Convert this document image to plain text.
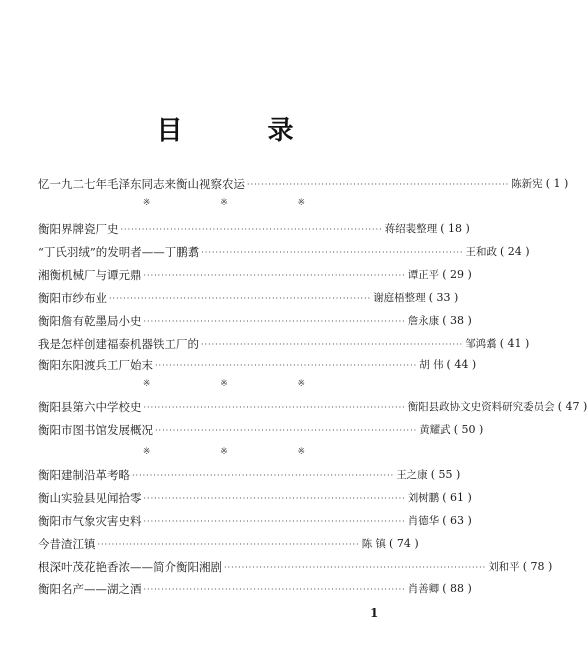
目 录
※	※	※
※	※	※
※	※	※
忆一九二七年毛泽东同志来衡山视察农运 ·········································································· 陈新宪 ( 1 )
衡阳界牌瓷厂史 ·········································································· 蒋绍裴整理 ( 18 )
“丁氏羽绒”的发明者——丁鹏翥 ·········································································· 王和政 ( 24 )
湘衡机械厂与谭元鼎 ·········································································· 谭正平 ( 29 )
衡阳市纱布业 ·········································································· 谢庭梧整理 ( 33 )
衡阳詹有乾墨局小史 ·········································································· 詹永康 ( 38 )
我是怎样创建福泰机器铁工厂的 ·········································································· 邹鸿翥 ( 41 )
衡阳东阳渡兵工厂始末 ·········································································· 胡 伟 ( 44 )
衡阳县第六中学校史 ·········································································· 衡阳县政协文史资料研究委员会 ( 47 )
衡阳市图书馆发展概况 ·········································································· 黄耀武 ( 50 )
衡阳建制沿革考略 ·········································································· 王之康 ( 55 )
衡山实验县见闻拾零 ·········································································· 刘树鹏 ( 61 )
衡阳市气象灾害史料 ·········································································· 肖德华 ( 63 )
今昔渣江镇 ·········································································· 陈 镇 ( 74 )
根深叶茂花艳香浓——简介衡阳湘剧 ·········································································· 刘和平 ( 78 )
衡阳名产——湖之酒 ·········································································· 肖善卿 ( 88 )
1
